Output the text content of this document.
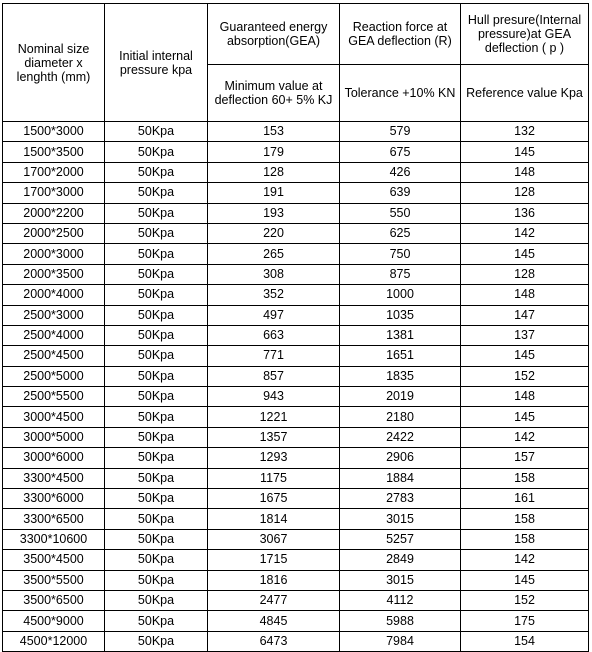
Nominal size diameter x lenghth (mm)	Initial internal pressure kpa	Guaranteed energy absorption(GEA)	Reaction force at GEA deflection (R)	Hull presure(Internal pressure)at GEA deflection ( p )
		Minimum value at deflection 60+ 5% KJ	Tolerance +10% KN	Reference value Kpa
1500*3000	50Kpa	153	579	132
1500*3500	50Kpa	179	675	145
1700*2000	50Kpa	128	426	148
1700*3000	50Kpa	191	639	128
2000*2200	50Kpa	193	550	136
2000*2500	50Kpa	220	625	142
2000*3000	50Kpa	265	750	145
2000*3500	50Kpa	308	875	128
2000*4000	50Kpa	352	1000	148
2500*3000	50Kpa	497	1035	147
2500*4000	50Kpa	663	1381	137
2500*4500	50Kpa	771	1651	145
2500*5000	50Kpa	857	1835	152
2500*5500	50Kpa	943	2019	148
3000*4500	50Kpa	1221	2180	145
3000*5000	50Kpa	1357	2422	142
3000*6000	50Kpa	1293	2906	157
3300*4500	50Kpa	1175	1884	158
3300*6000	50Kpa	1675	2783	161
3300*6500	50Kpa	1814	3015	158
3300*10600	50Kpa	3067	5257	158
3500*4500	50Kpa	1715	2849	142
3500*5500	50Kpa	1816	3015	145
3500*6500	50Kpa	2477	4112	152
4500*9000	50Kpa	4845	5988	175
4500*12000	50Kpa	6473	7984	154
